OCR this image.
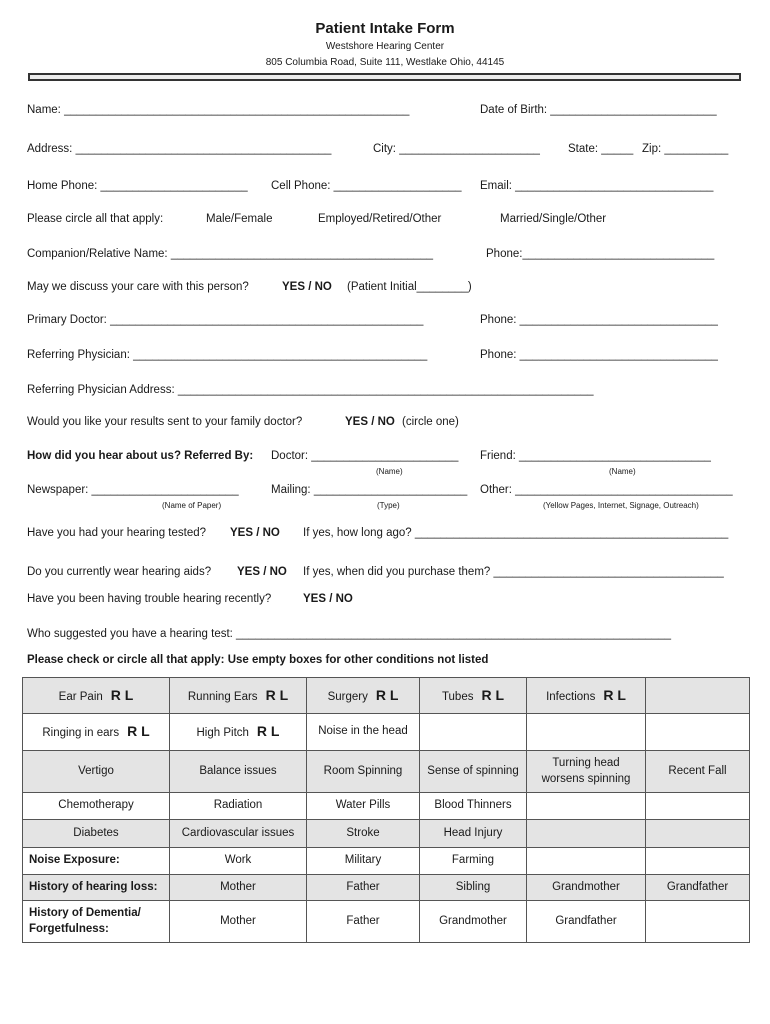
Patient Intake Form
Westshore Hearing Center
805 Columbia Road, Suite 111, Westlake Ohio, 44145
Name: ______________________________________________________	Date of Birth: __________________________
Address: ________________________________________	City: ______________________ State: _____ Zip: __________
Home Phone: _______________________ Cell Phone: ____________________ Email: _______________________________
Please circle all that apply:	Male/Female	Employed/Retired/Other	Married/Single/Other
Companion/Relative Name: _________________________________________	Phone:______________________________
May we discuss your care with this person?	YES / NO (Patient Initial________)
Primary Doctor: _________________________________________________	Phone: _______________________________
Referring Physician: ______________________________________________	Phone: _______________________________
Referring Physician Address: _________________________________________________________________
Would you like your results sent to your family doctor?	YES / NO (circle one)
How did you hear about us? Referred By: Doctor: _______________________ Friend: ______________________________
(Name)	(Name)
Newspaper: _______________________	Mailing: ________________________ Other: __________________________________
(Name of Paper)	(Type)	(Yellow Pages, Internet, Signage, Outreach)
Have you had your hearing tested? YES / NO If yes, how long ago? _________________________________________________
Do you currently wear hearing aids? YES / NO If yes, when did you purchase them? ____________________________________
Have you been having trouble hearing recently?	YES / NO
Who suggested you have a hearing test: ____________________________________________________________________
Please check or circle all that apply: Use empty boxes for other conditions not listed
Ear Pain R L	Running Ears R L	Surgery R L	Tubes R L	Infections R L	
Ringing in ears R L	High Pitch R L	Noise in the head			
Vertigo	Balance issues	Room Spinning	Sense of spinning	Turning head worsens spinning	Recent Fall
Chemotherapy	Radiation	Water Pills	Blood Thinners		
Diabetes	Cardiovascular issues	Stroke	Head Injury		
Noise Exposure:	Work	Military	Farming		
History of hearing loss:	Mother	Father	Sibling	Grandmother	Grandfather
History of Dementia/ Forgetfulness:	Mother	Father	Grandmother	Grandfather	
